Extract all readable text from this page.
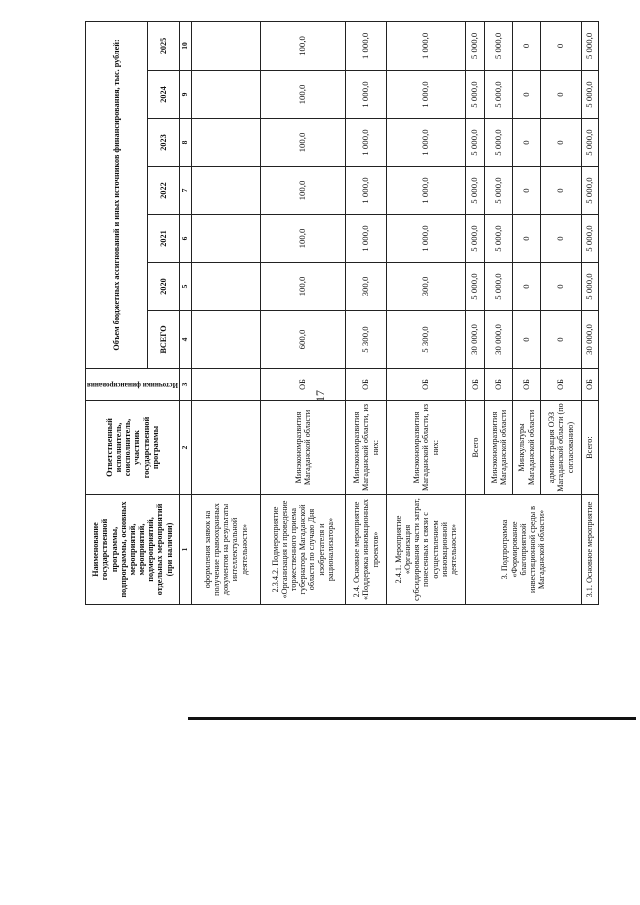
17
Наименование государственной программы, подпрограммы, основных мероприятий, мероприятий, подмероприятий, отдельных мероприятий (при наличии)	Ответственный исполнитель, соисполнитель, участник государственной программы	Источники финансирования	Объем бюджетных ассигнований и иных источников финансирования, тыс. рублей:						
			ВСЕГО	2020	2021	2022	2023	2024	2025
1	2	3	4	5	6	7	8	9	10
оформления заявок на получение правоохранных документов на результаты интеллектуальной деятельности»									
2.3.4.2. Подмероприятие «Организация и проведение торжественного приема губернатора Магаданской области по случаю Дня изобретателя и рационализатора»	Минэкономразвития Магаданской области	ОБ	600,0	100,0	100,0	100,0	100,0	100,0	100,0
2.4. Основное мероприятие «Поддержка инновационных проектов»	Минэкономразвития Магаданской области, из них:	ОБ	5 300,0	300,0	1 000,0	1 000,0	1 000,0	1 000,0	1 000,0
2.4.1. Мероприятие «Организация субсидирования части затрат, понесенных в связи с осуществлением инновационной деятельности»	Минэкономразвития Магаданской области, из них:	ОБ	5 300,0	300,0	1 000,0	1 000,0	1 000,0	1 000,0	1 000,0
3. Подпрограмма «Формирование благоприятной инвестиционной среды в Магаданской области»	Всего	ОБ	30 000,0	5 000,0	5 000,0	5 000,0	5 000,0	5 000,0	5 000,0
	Минэкономразвития Магаданской области	ОБ	30 000,0	5 000,0	5 000,0	5 000,0	5 000,0	5 000,0	5 000,0
	Минкультуры Магаданской области	ОБ	0	0	0	0	0	0	0
	администрация ОЭЗ Магаданской области (по согласованию)	ОБ	0	0	0	0	0	0	0
3.1. Основное мероприятие	Всего:	ОБ	30 000,0	5 000,0	5 000,0	5 000,0	5 000,0	5 000,0	5 000,0
